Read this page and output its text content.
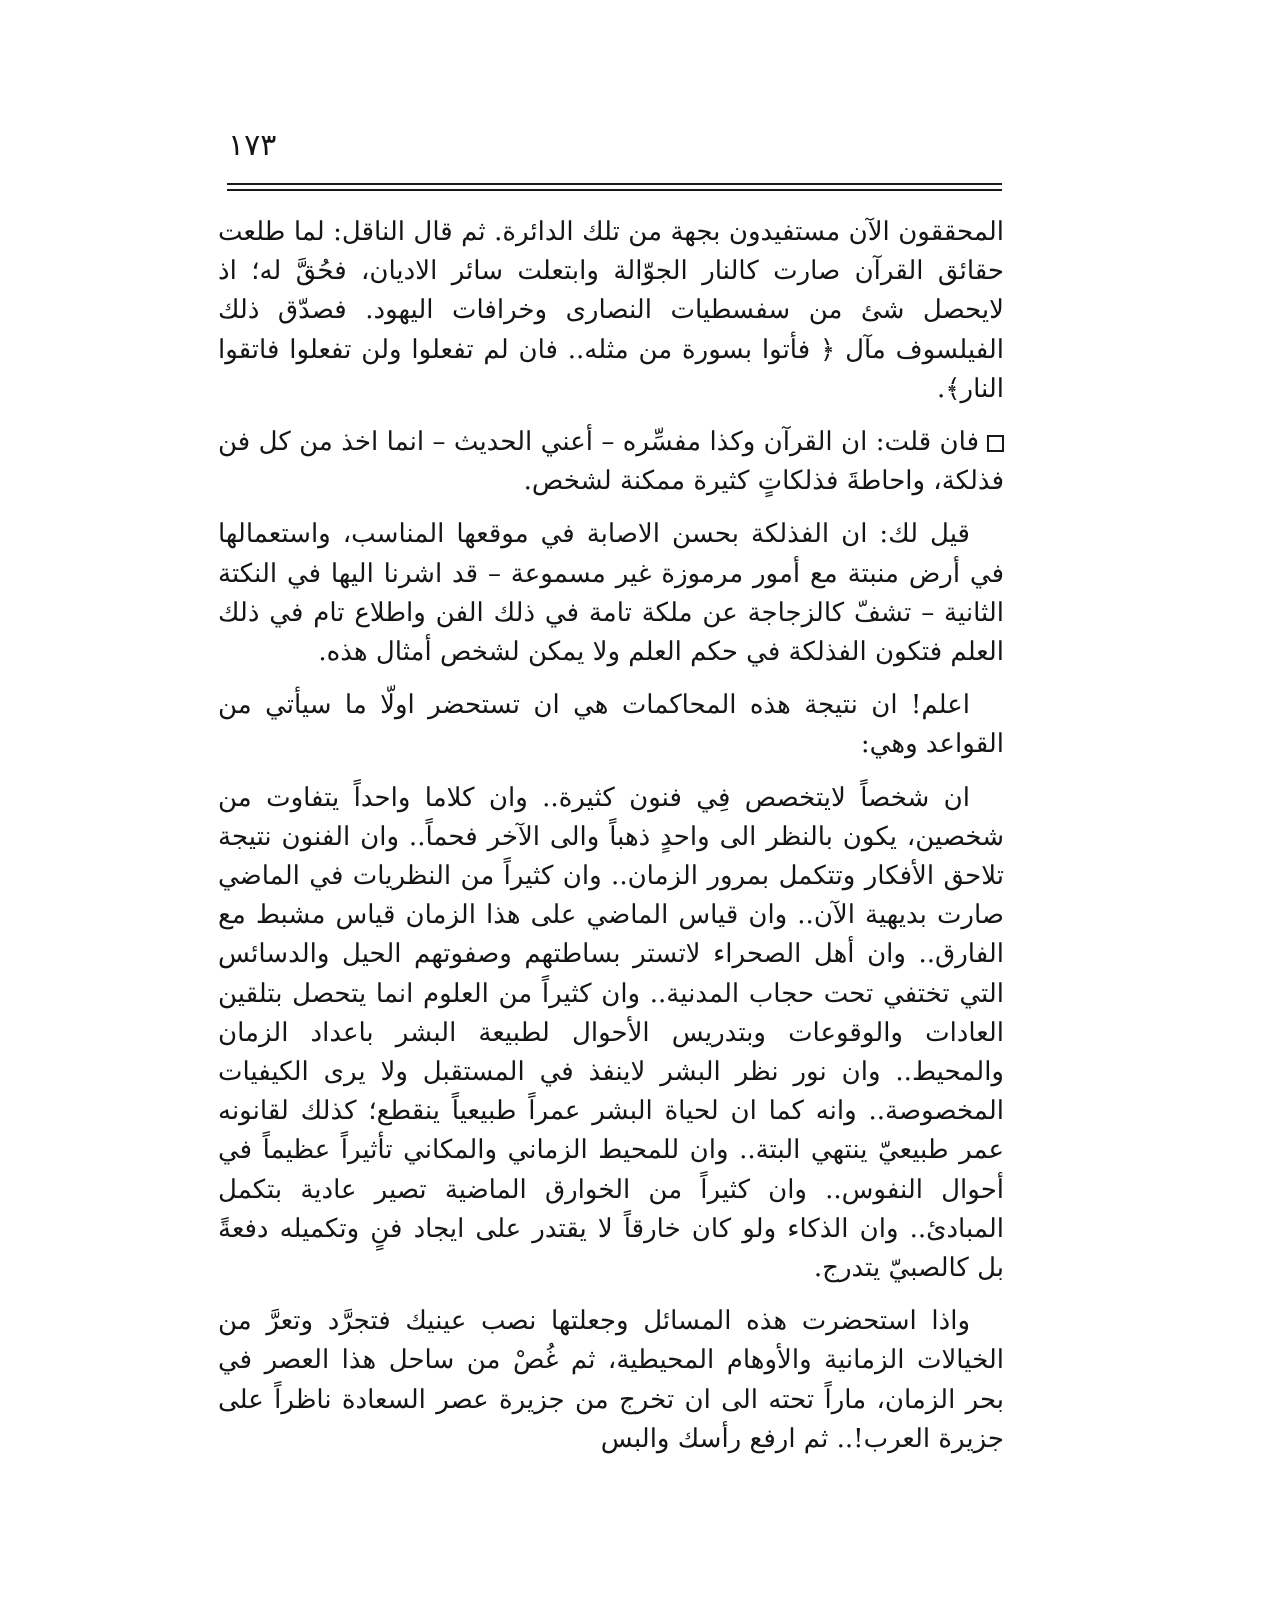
١٧٣

المحققون الآن مستفيدون بجهة من تلك الدائرة. ثم قال الناقل: لما طلعت حقائق القرآن صارت كالنار الجوّالة وابتعلت سائر الاديان، فحُقَّ له؛ اذ لايحصل شئ من سفسطيات النصارى وخرافات اليهود. فصدّق ذلك الفيلسوف مآل ﴿ فأتوا بسورة من مثله.. فان لم تفعلوا ولن تفعلوا فاتقوا النار﴾.

فان قلت: ان القرآن وكذا مفسِّره – أعني الحديث – انما اخذ من كل فن فذلكة، واحاطةَ فذلكاتٍ كثيرة ممكنة لشخص.

قيل لك: ان الفذلكة بحسن الاصابة في موقعها المناسب، واستعمالها في أرض منبتة مع أمور مرموزة غير مسموعة – قد اشرنا اليها في النكتة الثانية – تشفّ كالزجاجة عن ملكة تامة في ذلك الفن واطلاع تام في ذلك العلم فتكون الفذلكة في حكم العلم ولا يمكن لشخص أمثال هذه.

اعلم! ان نتيجة هذه المحاكمات هي ان تستحضر اولّا ما سيأتي من القواعد وهي:

ان شخصاً لايتخصص فِي فنون كثيرة.. وان كلاما واحداً يتفاوت من شخصين، يكون بالنظر الى واحدٍ ذهباً والى الآخر فحماً.. وان الفنون نتيجة تلاحق الأفكار وتتكمل بمرور الزمان.. وان كثيراً من النظريات في الماضي صارت بديهية الآن.. وان قياس الماضي على هذا الزمان قياس مشبط مع الفارق.. وان أهل الصحراء لاتستر بساطتهم وصفوتهم الحيل والدسائس التي تختفي تحت حجاب المدنية.. وان كثيراً من العلوم انما يتحصل بتلقين العادات والوقوعات وبتدريس الأحوال لطبيعة البشر باعداد الزمان والمحيط.. وان نور نظر البشر لاينفذ في المستقبل ولا يرى الكيفيات المخصوصة.. وانه كما ان لحياة البشر عمراً طبيعياً ينقطع؛ كذلك لقانونه عمر طبيعيّ ينتهي البتة.. وان للمحيط الزماني والمكاني تأثيراً عظيماً في أحوال النفوس.. وان كثيراً من الخوارق الماضية تصير عادية بتكمل المبادئ.. وان الذكاء ولو كان خارقاً لا يقتدر على ايجاد فنٍ وتكميله دفعةً بل كالصبيّ يتدرج.

واذا استحضرت هذه المسائل وجعلتها نصب عينيك فتجرَّد وتعرَّ من الخيالات الزمانية والأوهام المحيطية، ثم غُصْ من ساحل هذا العصر في بحر الزمان، ماراً تحته الى ان تخرج من جزيرة عصر السعادة ناظراً على جزيرة العرب!.. ثم ارفع رأسك والبس
